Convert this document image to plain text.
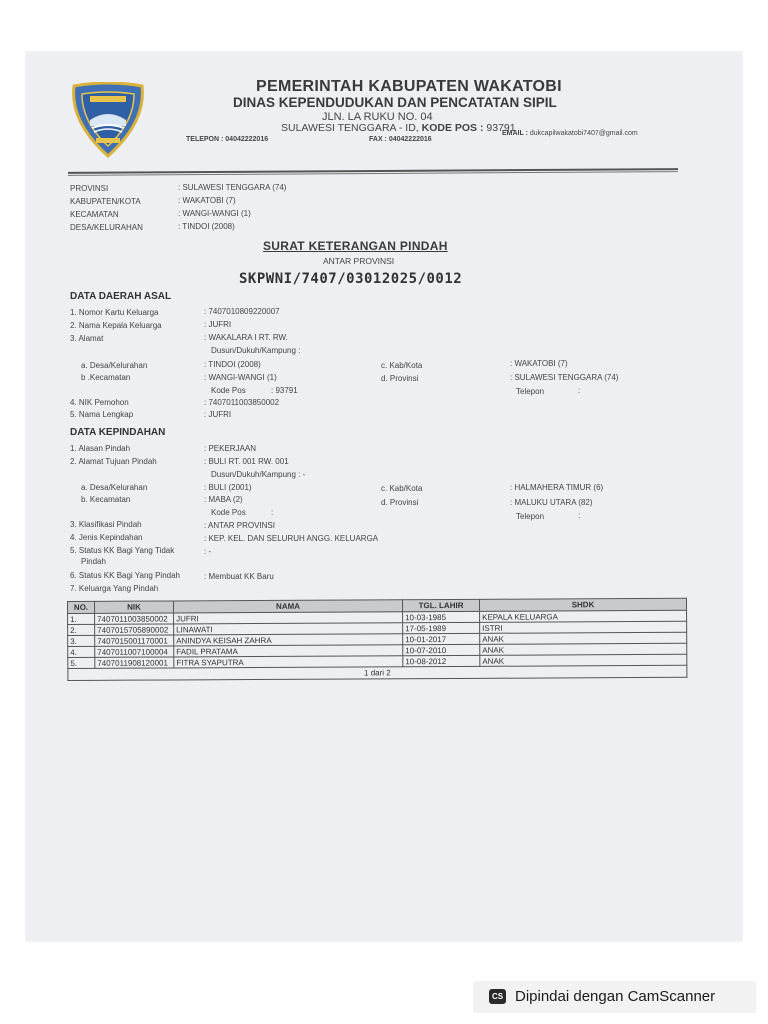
PEMERINTAH KABUPATEN WAKATOBI
DINAS KEPENDUDUKAN DAN PENCATATAN SIPIL
JLN. LA RUKU NO. 04
SULAWESI TENGGARA - ID, KODE POS : 93791
TELEPON : 04042222016	FAX : 04042222016
EMAIL : dukcapilwakatobi7407@gmail.com
PROVINSI	: SULAWESI TENGGARA (74)
KABUPATEN/KOTA	: WAKATOBI (7)
KECAMATAN	: WANGI-WANGI (1)
DESA/KELURAHAN	: TINDOI (2008)
SURAT KETERANGAN PINDAH
ANTAR PROVINSI
SKPWNI/7407/03012025/0012
DATA DAERAH ASAL
1. Nomor Kartu Keluarga	: 7407010809220007
2. Nama Kepala Keluarga	: JUFRI
3. Alamat	: WAKALARA I RT. RW.
Dusun/Dukuh/Kampung :
a. Desa/Kelurahan	: TINDOI (2008)	c. Kab/Kota	: WAKATOBI (7)
b .Kecamatan	: WANGI-WANGI (1)	d. Provinsi	: SULAWESI TENGGARA (74)
Kode Pos	: 93791	Telepon	:
4. NIK Pemohon	: 7407011003850002
5. Nama Lengkap	: JUFRI
DATA KEPINDAHAN
1. Alasan Pindah	: PEKERJAAN
2. Alamat Tujuan Pindah	: BULI RT. 001 RW. 001
Dusun/Dukuh/Kampung : -
a. Desa/Kelurahan	: BULI (2001)	c. Kab/Kota	: HALMAHERA TIMUR (6)
b. Kecamatan	: MABA (2)	d. Provinsi	: MALUKU UTARA (82)
Kode Pos	:	Telepon	:
3. Klasifikasi Pindah	: ANTAR PROVINSI
4. Jenis Kepindahan	: KEP. KEL. DAN SELURUH ANGG. KELUARGA
5. Status KK Bagi Yang Tidak	: -
Pindah
6. Status KK Bagi Yang Pindah	: Membuat KK Baru
7. Keluarga Yang Pindah
NO.	NIK	NAMA	TGL. LAHIR	SHDK
1.	7407011003850002	JUFRI	10-03-1985	KEPALA KELUARGA
2.	7407015705890002	LINAWATI	17-05-1989	ISTRI
3.	7407015001170001	ANINDYA KEISAH ZAHRA	10-01-2017	ANAK
4.	7407011007100004	FADIL PRATAMA	10-07-2010	ANAK
5.	7407011908120001	FITRA SYAPUTRA	10-08-2012	ANAK
1 dari 2				
CS Dipindai dengan CamScanner
